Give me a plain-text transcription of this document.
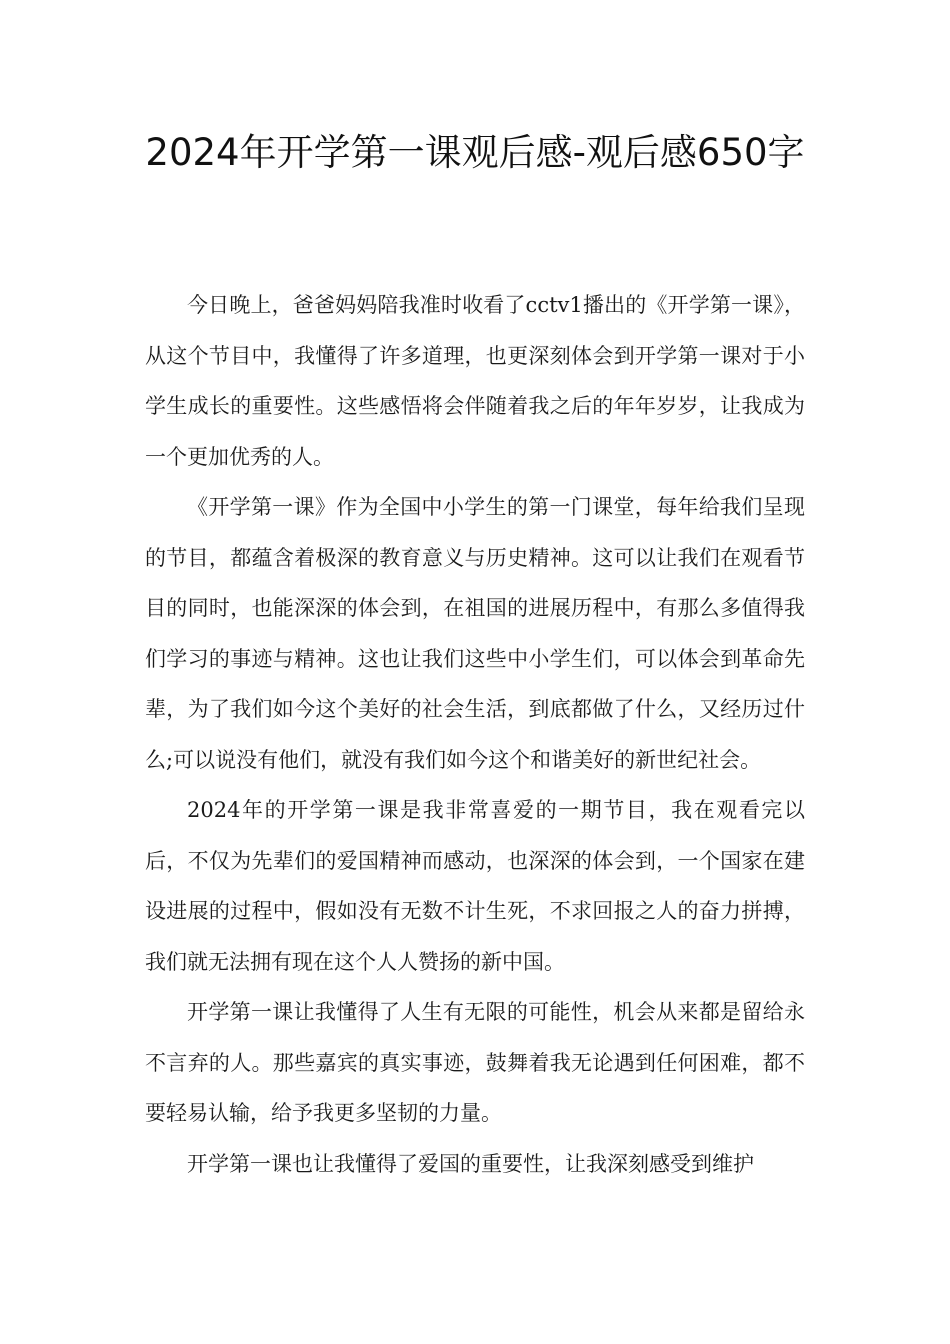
2024年开学第一课观后感-观后感650字

今日晚上，爸爸妈妈陪我准时收看了cctv1播出的《开学第一课》，从这个节目中，我懂得了许多道理，也更深刻体会到开学第一课对于小学生成长的重要性。这些感悟将会伴随着我之后的年年岁岁，让我成为一个更加优秀的人。

《开学第一课》作为全国中小学生的第一门课堂，每年给我们呈现的节目，都蕴含着极深的教育意义与历史精神。这可以让我们在观看节目的同时，也能深深的体会到，在祖国的进展历程中，有那么多值得我们学习的事迹与精神。这也让我们这些中小学生们，可以体会到革命先辈，为了我们如今这个美好的社会生活，到底都做了什么，又经历过什么;可以说没有他们，就没有我们如今这个和谐美好的新世纪社会。

2024年的开学第一课是我非常喜爱的一期节目，我在观看完以后，不仅为先辈们的爱国精神而感动，也深深的体会到，一个国家在建设进展的过程中，假如没有无数不计生死，不求回报之人的奋力拼搏，我们就无法拥有现在这个人人赞扬的新中国。

开学第一课让我懂得了人生有无限的可能性，机会从来都是留给永不言弃的人。那些嘉宾的真实事迹，鼓舞着我无论遇到任何困难，都不要轻易认输，给予我更多坚韧的力量。

开学第一课也让我懂得了爱国的重要性，让我深刻感受到维护
